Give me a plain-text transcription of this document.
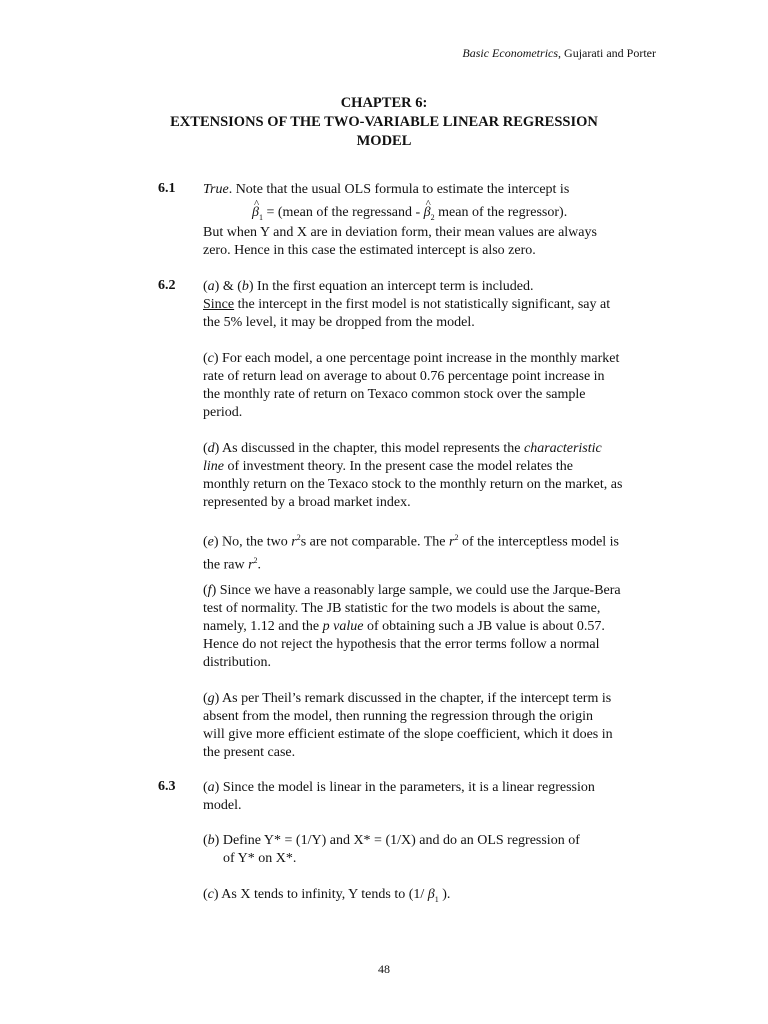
Basic Econometrics, Gujarati and Porter
CHAPTER 6:
EXTENSIONS OF THE TWO-VARIABLE LINEAR REGRESSION
MODEL
6.1 True. Note that the usual OLS formula to estimate the intercept is
^ $\beta_1$ = (mean of the regressand - ^ $\beta_2$ mean of the regressor).
But when Y and X are in deviation form, their mean values are always zero. Hence in this case the estimated intercept is also zero.
6.2 (a) & (b) In the first equation an intercept term is included.
Since the intercept in the first model is not statistically significant, say at the 5% level, it may be dropped from the model.
(c) For each model, a one percentage point increase in the monthly market rate of return lead on average to about 0.76 percentage point increase in the monthly rate of return on Texaco common stock over the sample period.
(d) As discussed in the chapter, this model represents the characteristic line of investment theory. In the present case the model relates the monthly return on the Texaco stock to the monthly return on the market, as represented by a broad market index.
(e) No, the two $r^2s$ are not comparable. The $r^2$ of the interceptless model is the raw $r^2$.
(f) Since we have a reasonably large sample, we could use the Jarque-Bera test of normality. The JB statistic for the two models is about the same, namely, 1.12 and the p value of obtaining such a JB value is about 0.57. Hence do not reject the hypothesis that the error terms follow a normal distribution.
(g) As per Theil’s remark discussed in the chapter, if the intercept term is absent from the model, then running the regression through the origin will give more efficient estimate of the slope coefficient, which it does in the present case.
6.3 (a) Since the model is linear in the parameters, it is a linear regression model.
(b) Define Y* = (1/Y) and X* = (1/X) and do an OLS regression of
of Y* on X*.
(c) As X tends to infinity, Y tends to (1/ $\beta_1$ ).
48
